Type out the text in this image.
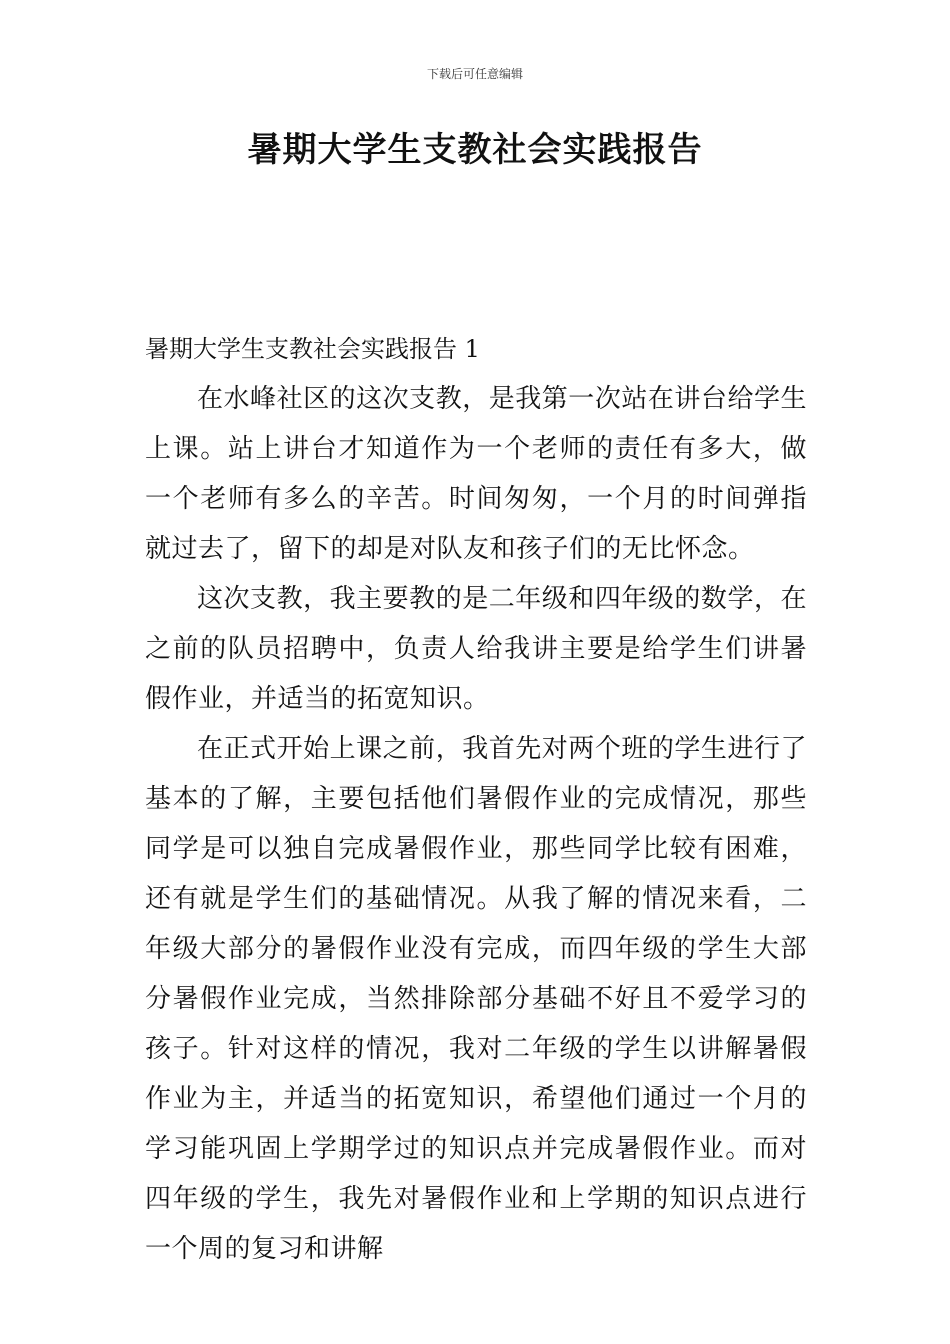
下载后可任意编辑
暑期大学生支教社会实践报告

暑期大学生支教社会实践报告 1

在水峰社区的这次支教，是我第一次站在讲台给学生上课。站上讲台才知道作为一个老师的责任有多大，做一个老师有多么的辛苦。时间匆匆，一个月的时间弹指就过去了，留下的却是对队友和孩子们的无比怀念。

这次支教，我主要教的是二年级和四年级的数学，在之前的队员招聘中，负责人给我讲主要是给学生们讲暑假作业，并适当的拓宽知识。

在正式开始上课之前，我首先对两个班的学生进行了基本的了解，主要包括他们暑假作业的完成情况，那些同学是可以独自完成暑假作业，那些同学比较有困难，还有就是学生们的基础情况。从我了解的情况来看，二年级大部分的暑假作业没有完成，而四年级的学生大部分暑假作业完成，当然排除部分基础不好且不爱学习的孩子。针对这样的情况，我对二年级的学生以讲解暑假作业为主，并适当的拓宽知识，希望他们通过一个月的学习能巩固上学期学过的知识点并完成暑假作业。而对四年级的学生，我先对暑假作业和上学期的知识点进行一个周的复习和讲解
